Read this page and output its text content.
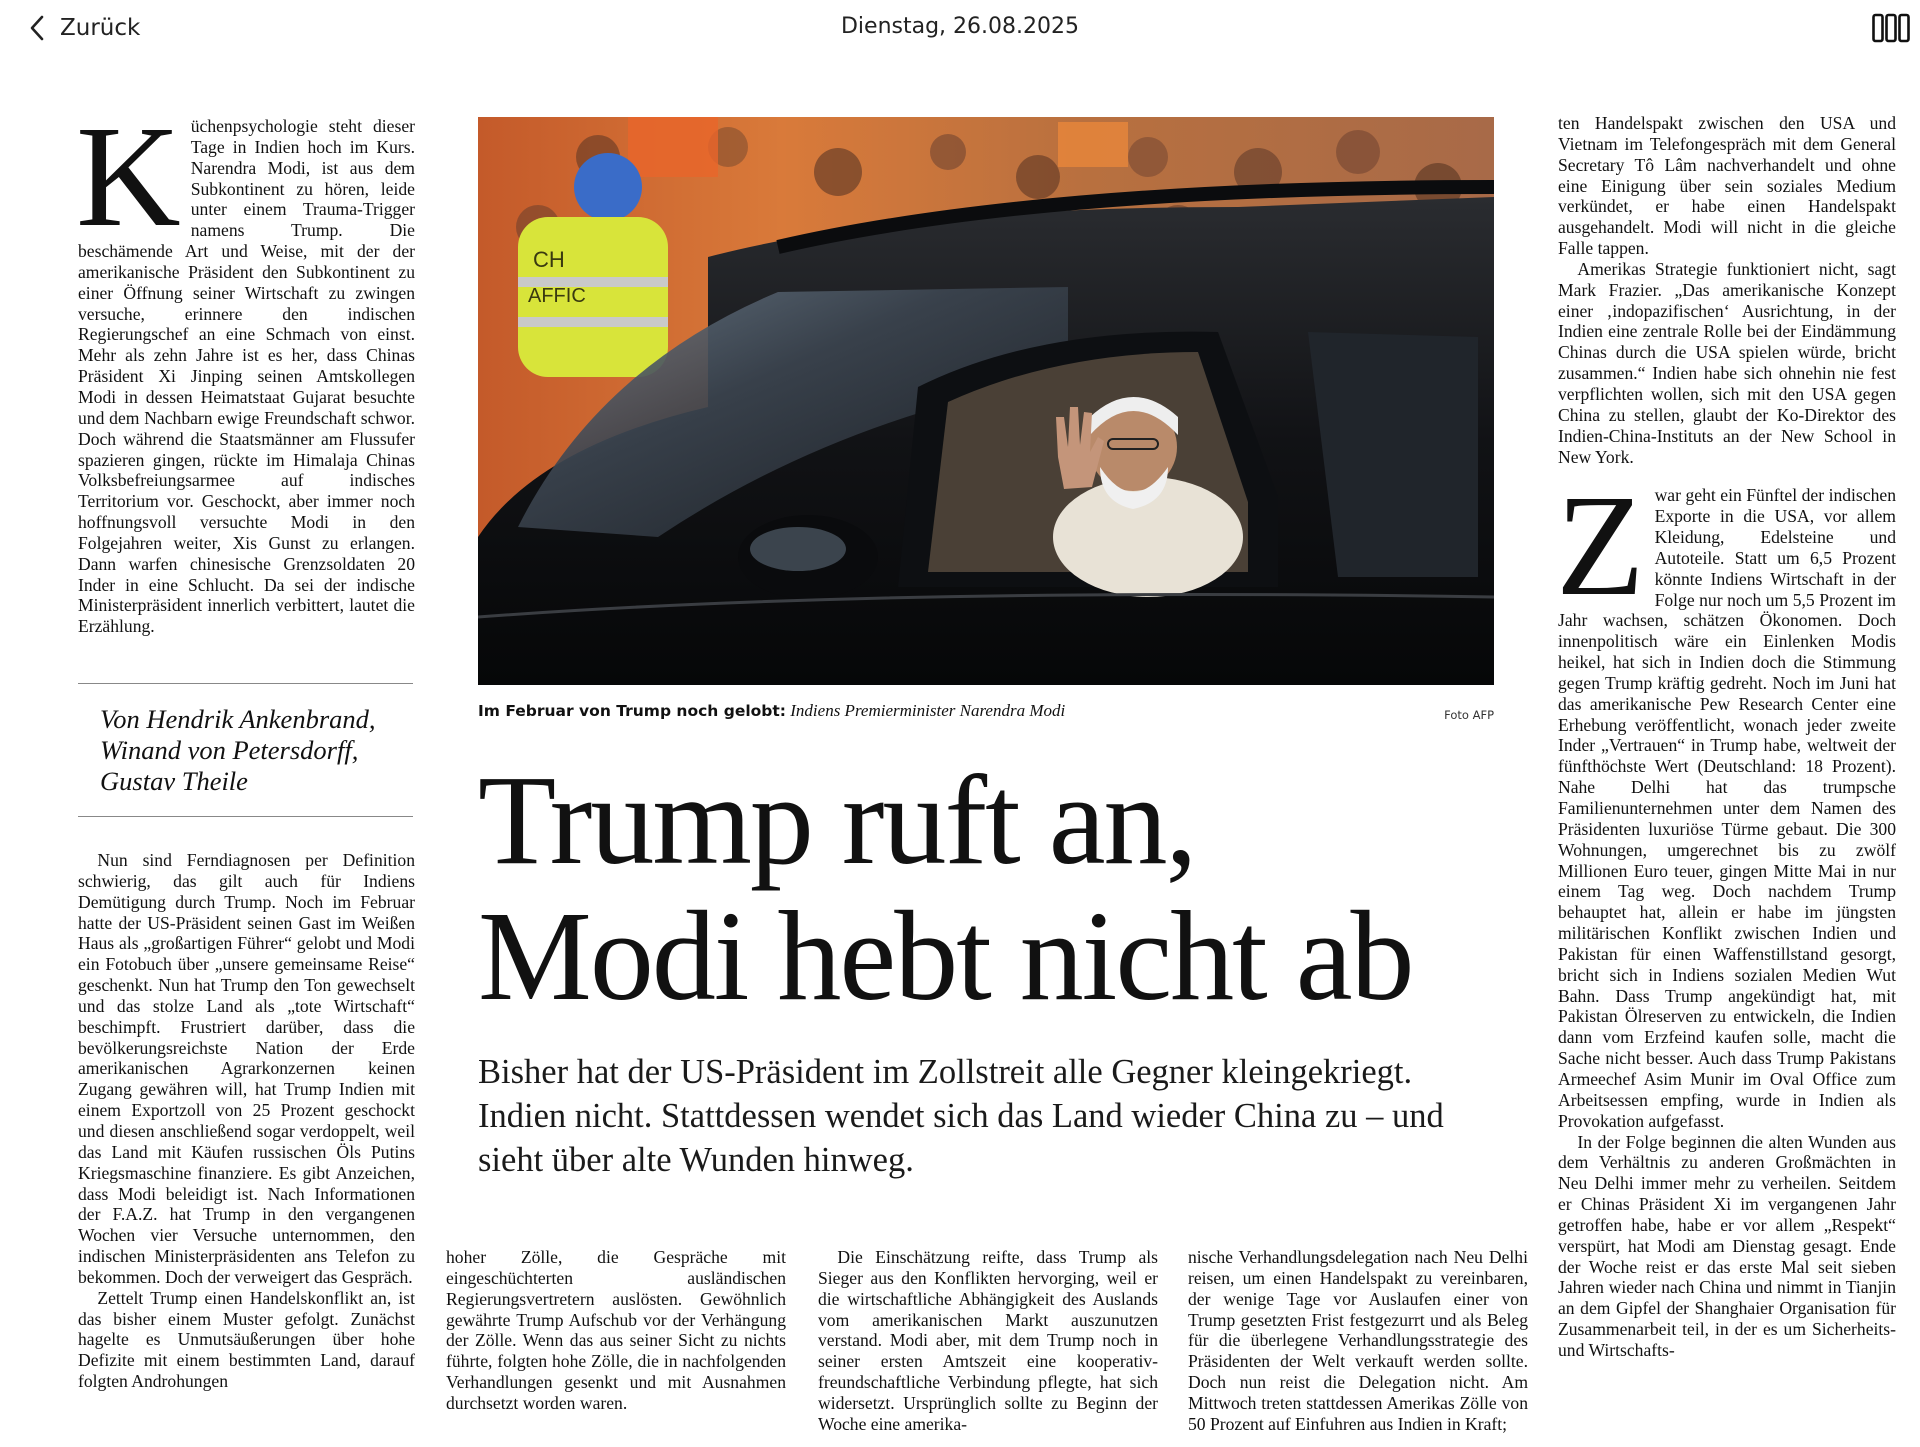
Zurück	Dienstag, 26.08.2025

Küchenpsychologie steht dieser Tage in Indien hoch im Kurs. Narendra Modi, ist aus dem Subkontinent zu hören, leide unter einem Trauma-Trigger namens Trump. Die beschämende Art und Weise, mit der der amerikanische Präsident den Subkontinent zu einer Öffnung seiner Wirtschaft zu zwingen versuche, erinnere den indischen Regierungschef an eine Schmach von einst. Mehr als zehn Jahre ist es her, dass Chinas Präsident Xi Jinping seinen Amtskollegen Modi in dessen Heimatstaat Gujarat besuchte und dem Nachbarn ewige Freundschaft schwor. Doch während die Staatsmänner am Flussufer spazieren gingen, rückte im Himalaja Chinas Volksbefreiungsarmee auf indisches Territorium vor. Geschockt, aber immer noch hoffnungsvoll versuchte Modi in den Folgejahren weiter, Xis Gunst zu erlangen. Dann warfen chinesische Grenzsoldaten 20 Inder in eine Schlucht. Da sei der indische Ministerpräsident innerlich verbittert, lautet die Erzählung.

Von Hendrik Ankenbrand, Winand von Petersdorff, Gustav Theile

Nun sind Ferndiagnosen per Definition schwierig, das gilt auch für Indiens Demütigung durch Trump. Noch im Februar hatte der US-Präsident seinen Gast im Weißen Haus als „großartigen Führer“ gelobt und Modi ein Fotobuch über „unsere gemeinsame Reise“ geschenkt. Nun hat Trump den Ton gewechselt und das stolze Land als „tote Wirtschaft“ beschimpft. Frustriert darüber, dass die bevölkerungsreichste Nation der Erde amerikanischen Agrarkonzernen keinen Zugang gewähren will, hat Trump Indien mit einem Exportzoll von 25 Prozent geschockt und diesen anschließend sogar verdoppelt, weil das Land mit Käufen russischen Öls Putins Kriegsmaschine finanziere. Es gibt Anzeichen, dass Modi beleidigt ist. Nach Informationen der F.A.Z. hat Trump in den vergangenen Wochen vier Versuche unternommen, den indischen Ministerpräsidenten ans Telefon zu bekommen. Doch der verweigert das Gespräch.

Zettelt Trump einen Handelskonflikt an, ist das bisher einem Muster gefolgt. Zunächst hagelte es Unmutsäußerungen über hohe Defizite mit einem bestimmten Land, darauf folgten Androhungen

CH
AFFIC
Im Februar von Trump noch gelobt: Indiens Premierminister Narendra Modi	Foto AFP
Trump ruft an,
Modi hebt nicht ab
Bisher hat der US-Präsident im Zollstreit alle Gegner kleingekriegt. Indien nicht. Stattdessen wendet sich das Land wieder China zu – und sieht über alte Wunden hinweg.

hoher Zölle, die Gespräche mit eingeschüchterten ausländischen Regierungsvertretern auslösten. Gewöhnlich gewährte Trump Aufschub vor der Verhängung der Zölle. Wenn das aus seiner Sicht zu nichts führte, folgten hohe Zölle, die in nachfolgenden Verhandlungen gesenkt und mit Ausnahmen durchsetzt worden waren.

Die Einschätzung reifte, dass Trump als Sieger aus den Konflikten hervorging, weil er die wirtschaftliche Abhängigkeit des Auslands vom amerikanischen Markt auszunutzen verstand. Modi aber, mit dem Trump noch in seiner ersten Amtszeit eine kooperativ-freundschaftliche Verbindung pflegte, hat sich widersetzt. Ursprünglich sollte zu Beginn der Woche eine amerika-

nische Verhandlungsdelegation nach Neu Delhi reisen, um einen Handelspakt zu vereinbaren, der wenige Tage vor Auslaufen einer von Trump gesetzten Frist festgezurrt und als Beleg für die überlegene Verhandlungsstrategie des Präsidenten der Welt verkauft werden sollte. Doch nun reist die Delegation nicht. Am Mittwoch treten stattdessen Amerikas Zölle von 50 Prozent auf Einfuhren aus Indien in Kraft;

ten Handelspakt zwischen den USA und Vietnam im Telefongespräch mit dem General Secretary Tô Lâm nachverhandelt und ohne eine Einigung über sein soziales Medium verkündet, er habe einen Handelspakt ausgehandelt. Modi will nicht in die gleiche Falle tappen.

Amerikas Strategie funktioniert nicht, sagt Mark Frazier. „Das amerikanische Konzept einer ‚indopazifischen‘ Ausrichtung, in der Indien eine zentrale Rolle bei der Eindämmung Chinas durch die USA spielen würde, bricht zusammen.“ Indien habe sich ohnehin nie fest verpflichten wollen, sich mit den USA gegen China zu stellen, glaubt der Ko-Direktor des Indien-China-Instituts an der New School in New York.

Zwar geht ein Fünftel der indischen Exporte in die USA, vor allem Kleidung, Edelsteine und Autoteile. Statt um 6,5 Prozent könnte Indiens Wirtschaft in der Folge nur noch um 5,5 Prozent im Jahr wachsen, schätzen Ökonomen. Doch innenpolitisch wäre ein Einlenken Modis heikel, hat sich in Indien doch die Stimmung gegen Trump kräftig gedreht. Noch im Juni hat das amerikanische Pew Research Center eine Erhebung veröffentlicht, wonach jeder zweite Inder „Vertrauen“ in Trump habe, weltweit der fünfthöchste Wert (Deutschland: 18 Prozent). Nahe Delhi hat das trumpsche Familienunternehmen unter dem Namen des Präsidenten luxuriöse Türme gebaut. Die 300 Wohnungen, umgerechnet bis zu zwölf Millionen Euro teuer, gingen Mitte Mai in nur einem Tag weg. Doch nachdem Trump behauptet hat, allein er habe im jüngsten militärischen Konflikt zwischen Indien und Pakistan für einen Waffenstillstand gesorgt, bricht sich in Indiens sozialen Medien Wut Bahn. Dass Trump angekündigt hat, mit Pakistan Ölreserven zu entwickeln, die Indien dann vom Erzfeind kaufen solle, macht die Sache nicht besser. Auch dass Trump Pakistans Armeechef Asim Munir im Oval Office zum Arbeitsessen empfing, wurde in Indien als Provokation aufgefasst.

In der Folge beginnen die alten Wunden aus dem Verhältnis zu anderen Großmächten in Neu Delhi immer mehr zu verheilen. Seitdem er Chinas Präsident Xi im vergangenen Jahr getroffen habe, habe er vor allem „Respekt“ verspürt, hat Modi am Dienstag gesagt. Ende der Woche reist er das erste Mal seit sieben Jahren wieder nach China und nimmt in Tianjin an dem Gipfel der Shanghaier Organisation für Zusammenarbeit teil, in der es um Sicherheits- und Wirtschafts-
